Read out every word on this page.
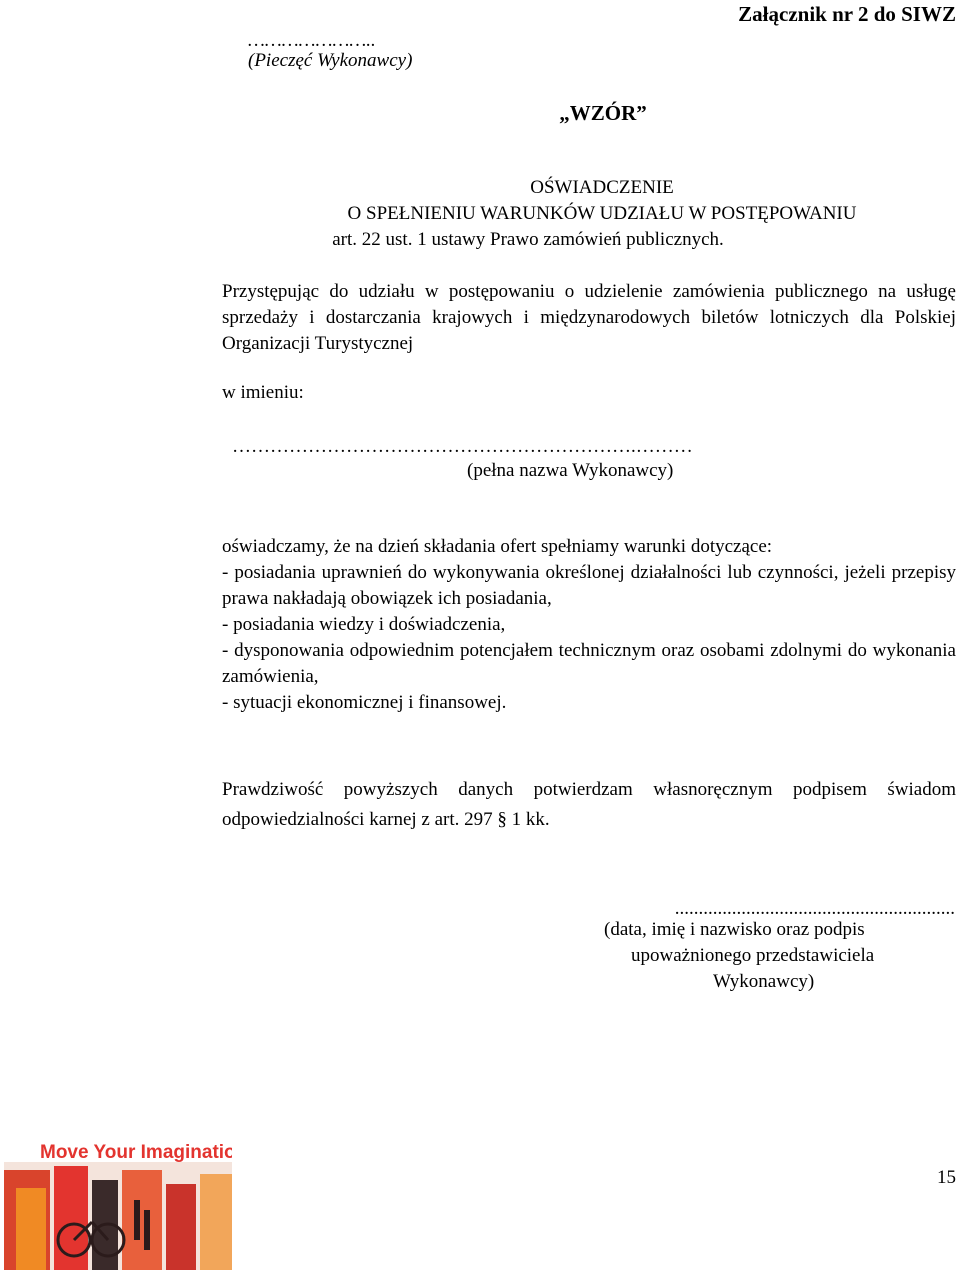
…………………..
(Pieczęć Wykonawcy)
Załącznik nr 2 do SIWZ
„WZÓR”
OŚWIADCZENIE
O SPEŁNIENIU WARUNKÓW UDZIAŁU W POSTĘPOWANIU
art. 22 ust. 1 ustawy Prawo zamówień publicznych.
Przystępując do udziału w postępowaniu o udzielenie zamówienia publicznego na usługę sprzedaży i dostarczania krajowych i międzynarodowych biletów lotniczych dla Polskiej Organizacji Turystycznej
w imieniu:
……………………………………………………….………
(pełna nazwa Wykonawcy)
oświadczamy, że na dzień składania ofert spełniamy warunki dotyczące:
- posiadania uprawnień do wykonywania określonej działalności lub czynności, jeżeli przepisy prawa nakładają obowiązek ich posiadania,
- posiadania wiedzy i doświadczenia,
- dysponowania odpowiednim potencjałem technicznym oraz osobami zdolnymi do wykonania zamówienia,
- sytuacji ekonomicznej i finansowej.
Prawdziwość powyższych danych potwierdzam własnoręcznym podpisem świadom odpowiedzialności karnej z art. 297 § 1 kk.
...........................................................
(data, imię i nazwisko oraz podpis
upoważnionego przedstawiciela
Wykonawcy)
Move Your Imagination
15
